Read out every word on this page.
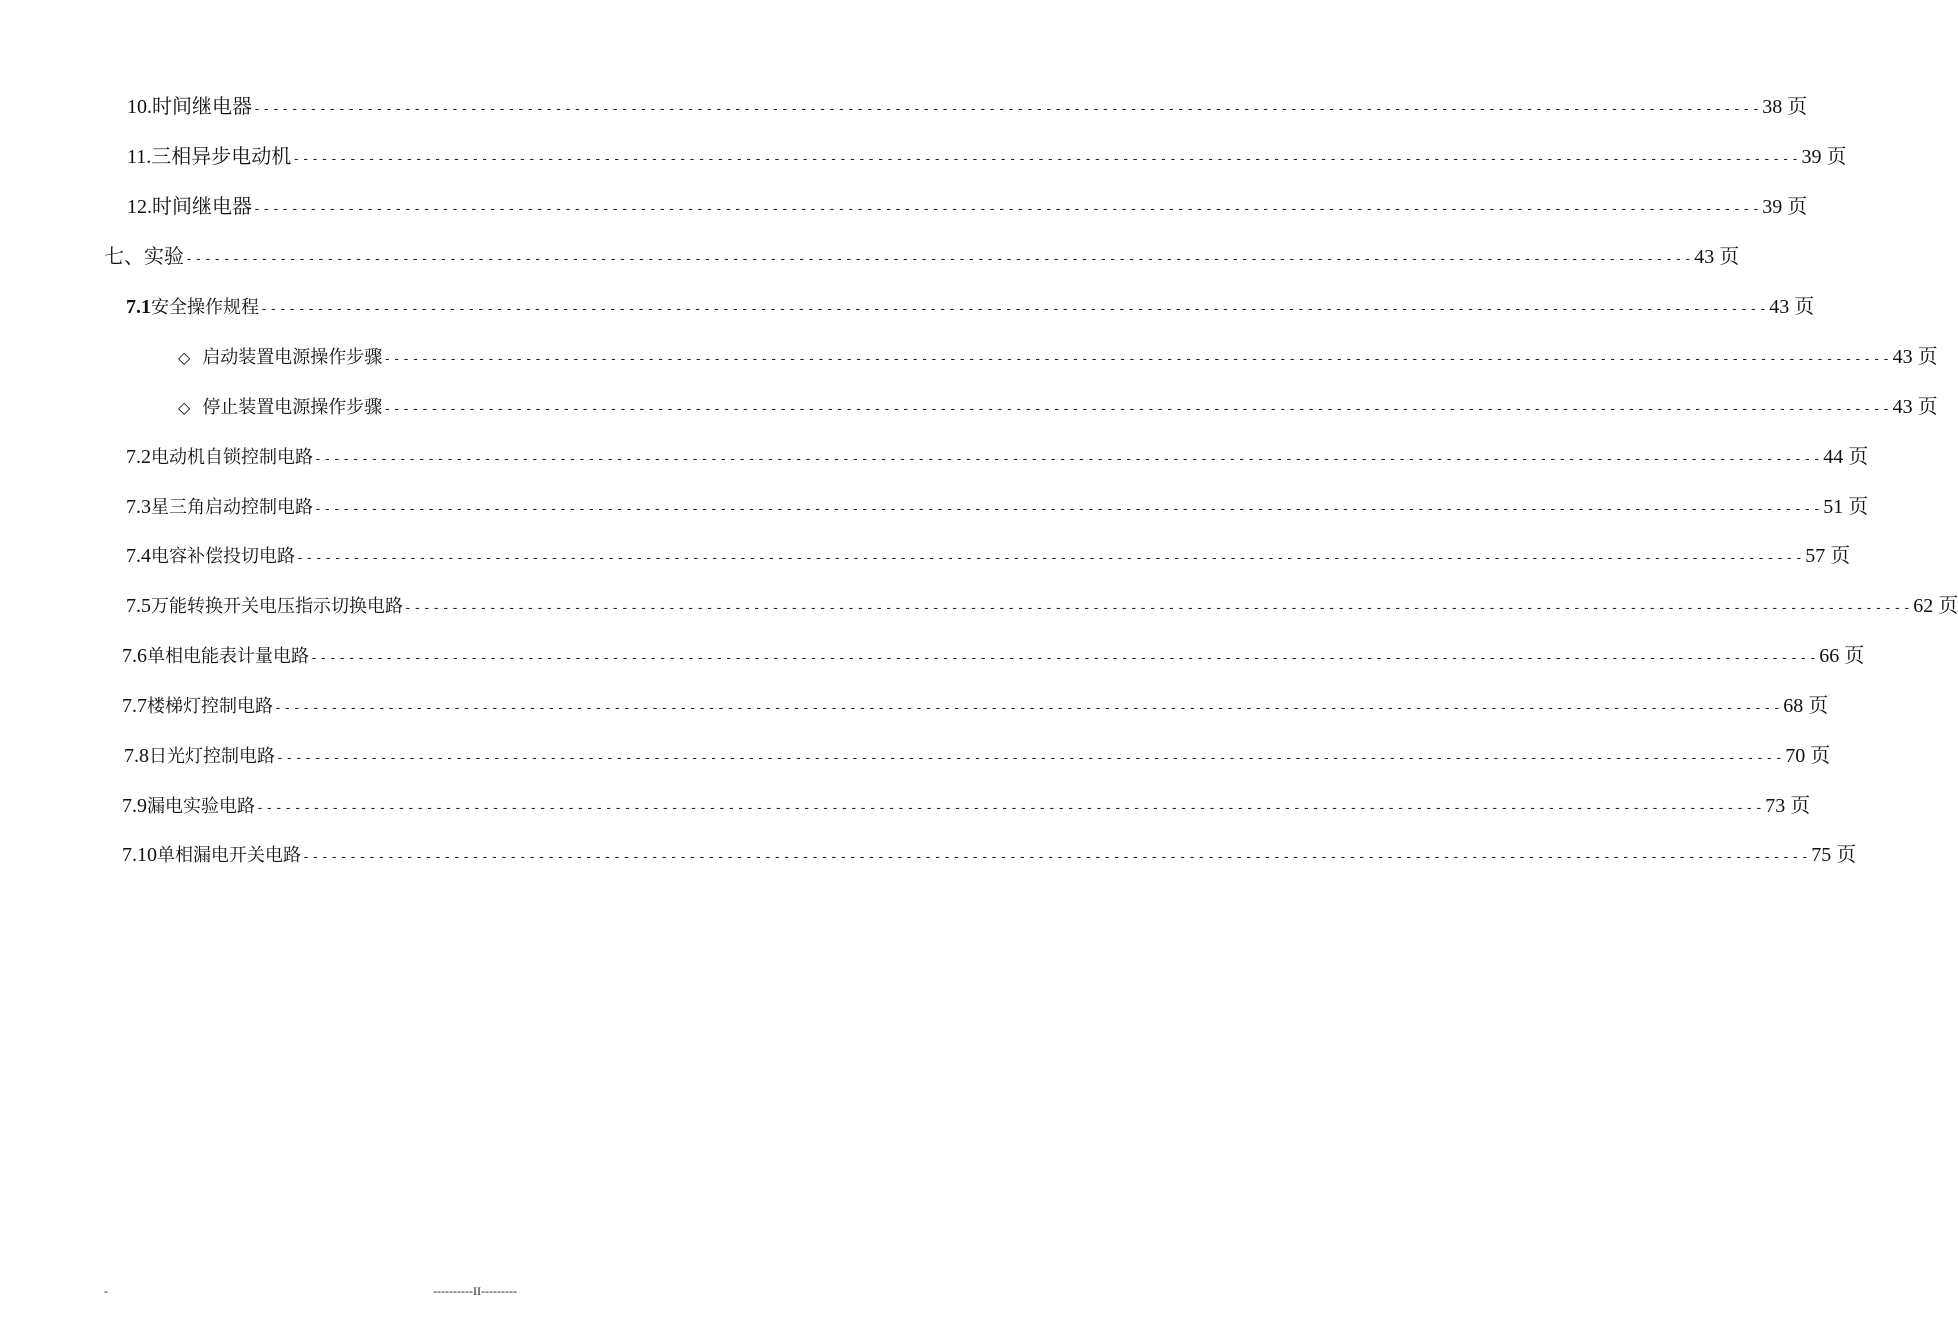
10. 时间继电器 ---------------------------------------------------------------------------------------------------------------------------------------------------------------- 38 页
11. 三相异步电动机 ---------------------------------------------------------------------------------------------------------------------------------------------------------------- 39 页
12. 时间继电器 ---------------------------------------------------------------------------------------------------------------------------------------------------------------- 39 页
七、 实验 ---------------------------------------------------------------------------------------------------------------------------------------------------------------- 43 页
7.1 安全操作规程 ---------------------------------------------------------------------------------------------------------------------------------------------------------------- 43 页
◇ 启动装置电源操作步骤 ---------------------------------------------------------------------------------------------------------------------------------------------------------------- 43 页
◇ 停止装置电源操作步骤 ---------------------------------------------------------------------------------------------------------------------------------------------------------------- 43 页
7.2 电动机自锁控制电路 ---------------------------------------------------------------------------------------------------------------------------------------------------------------- 44 页
7.3 星三角启动控制电路 ---------------------------------------------------------------------------------------------------------------------------------------------------------------- 51 页
7.4 电容补偿投切电路 ---------------------------------------------------------------------------------------------------------------------------------------------------------------- 57 页
7.5 万能转换开关电压指示切换电路 ---------------------------------------------------------------------------------------------------------------------------------------------------------------- 62 页
7.6 单相电能表计量电路 ---------------------------------------------------------------------------------------------------------------------------------------------------------------- 66 页
7.7 楼梯灯控制电路 ---------------------------------------------------------------------------------------------------------------------------------------------------------------- 68 页
7.8 日光灯控制电路 ---------------------------------------------------------------------------------------------------------------------------------------------------------------- 70 页
7.9 漏电实验电路 ---------------------------------------------------------------------------------------------------------------------------------------------------------------- 73 页
7.10 单相漏电开关电路 ---------------------------------------------------------------------------------------------------------------------------------------------------------------- 75 页
-	----------II---------
